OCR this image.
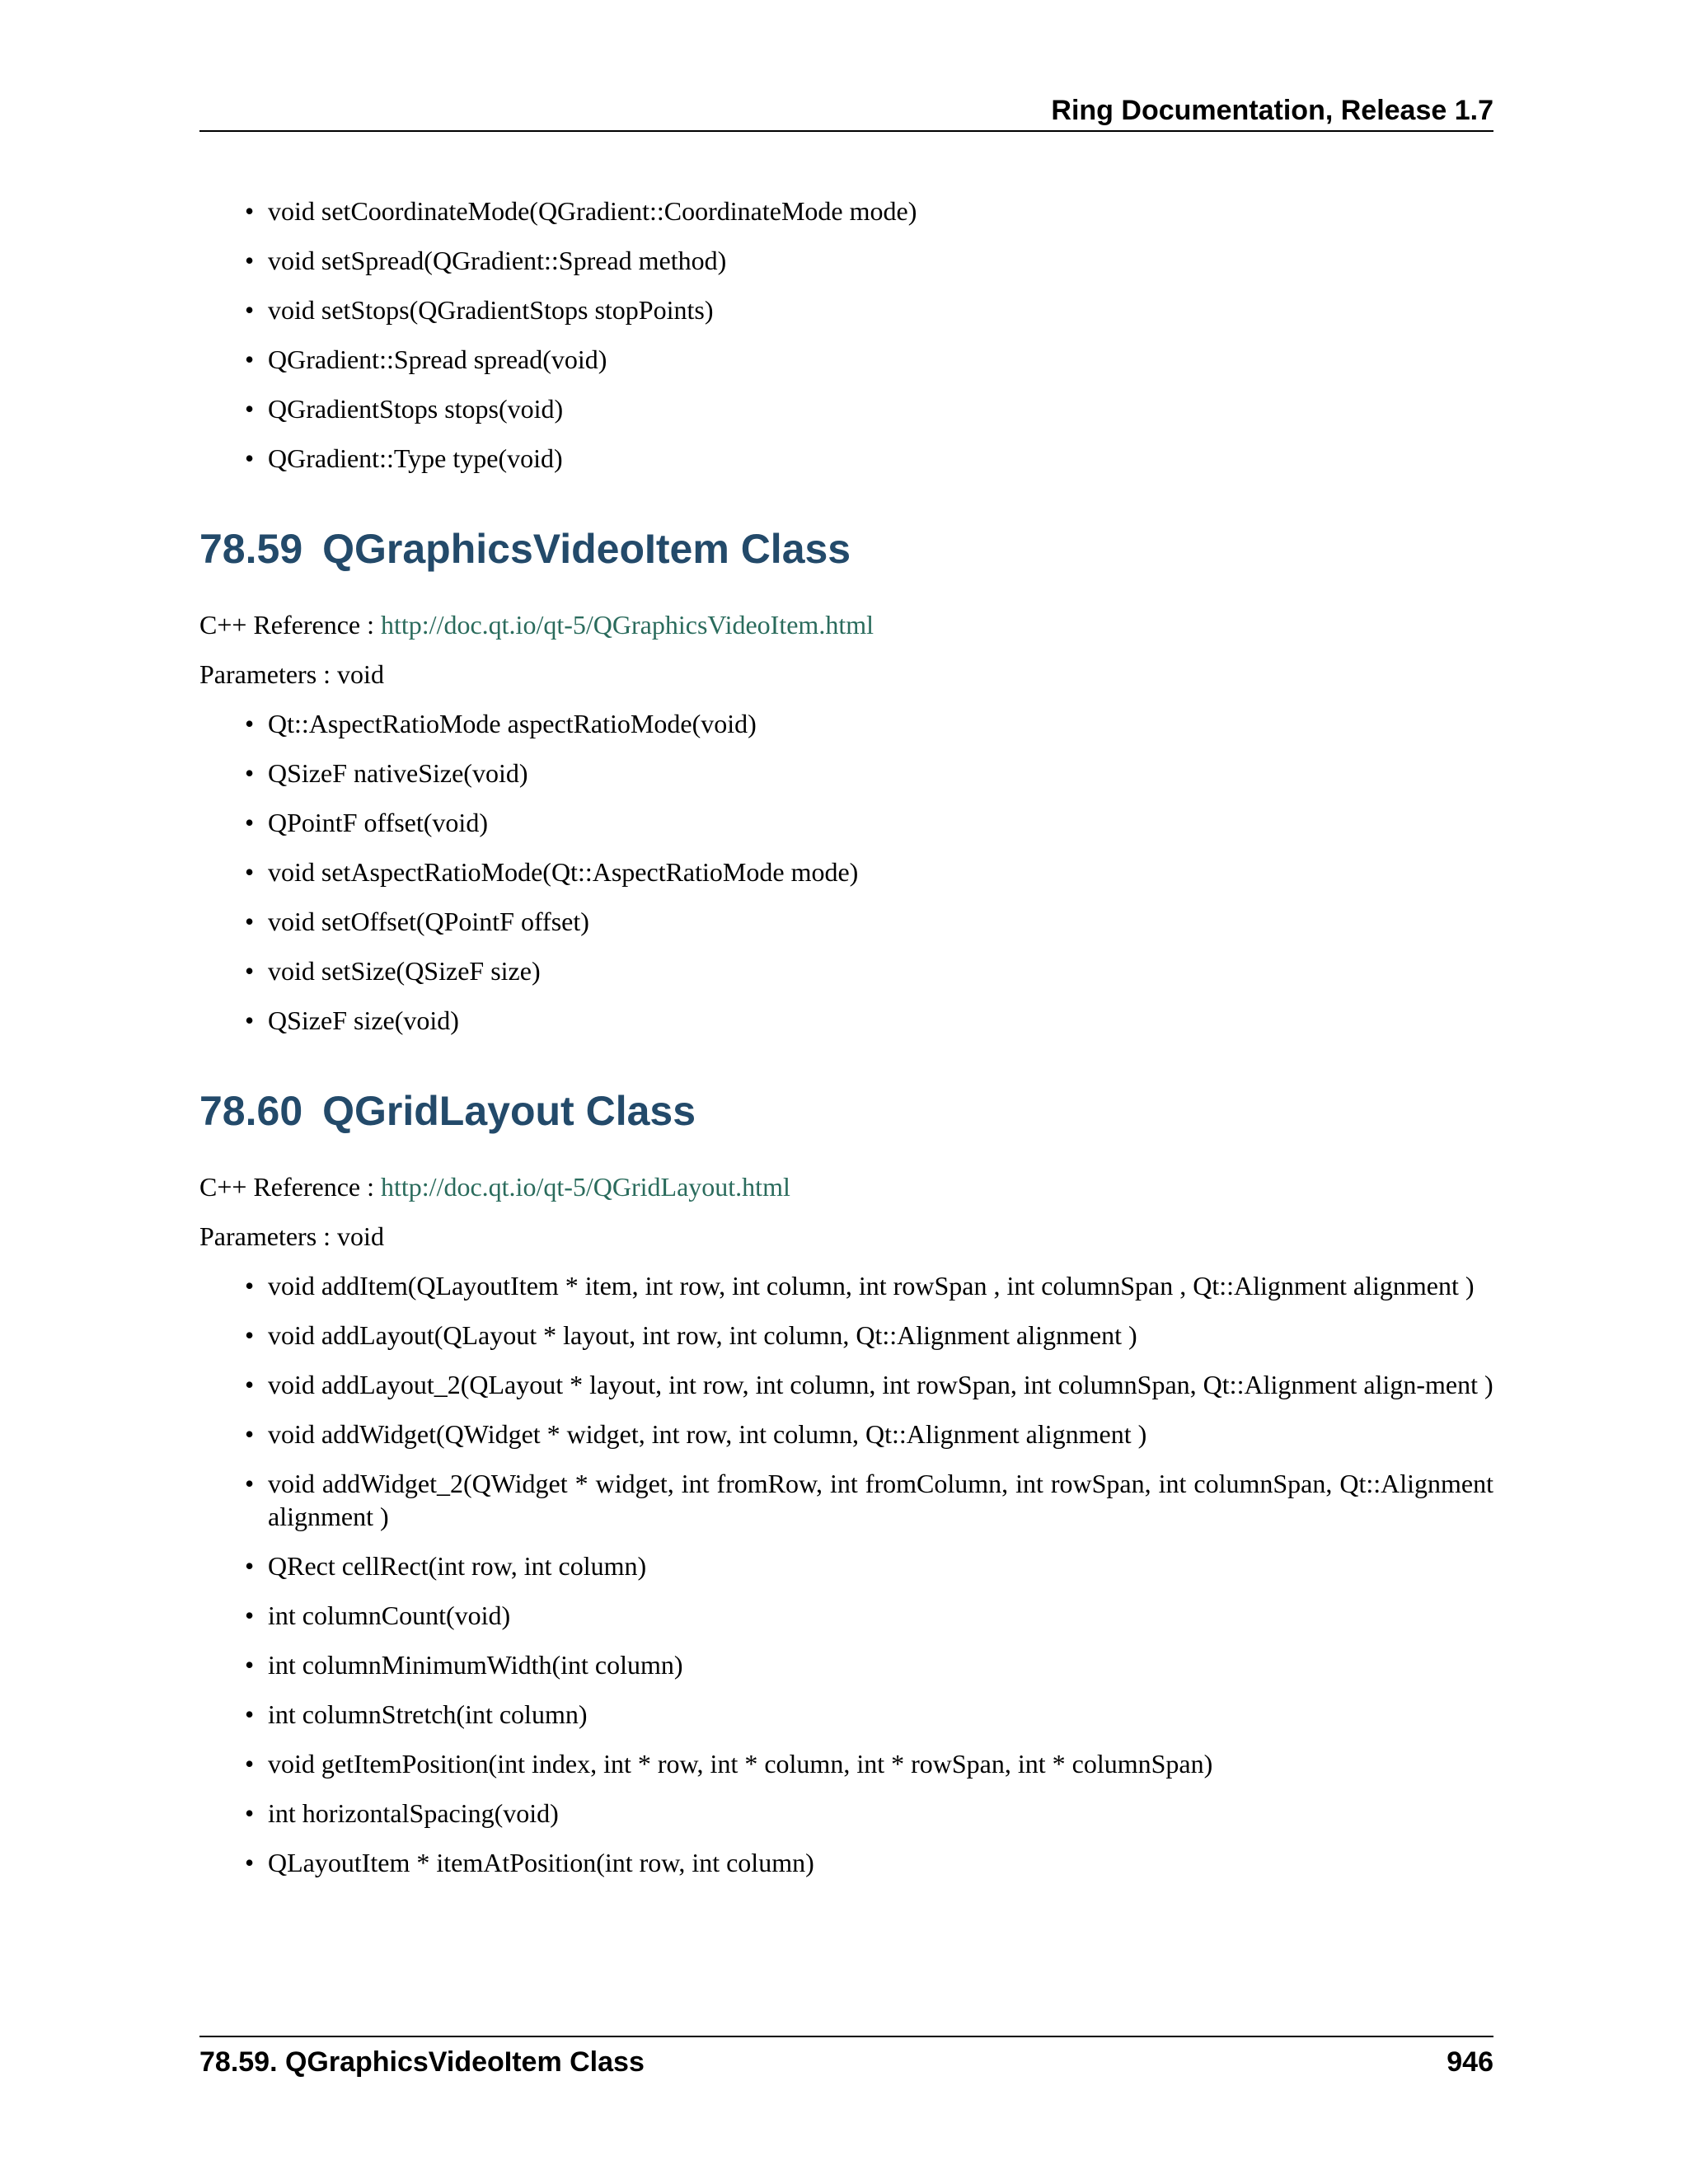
Ring Documentation, Release 1.7
• void setCoordinateMode(QGradient::CoordinateMode mode)
• void setSpread(QGradient::Spread method)
• void setStops(QGradientStops stopPoints)
• QGradient::Spread spread(void)
• QGradientStops stops(void)
• QGradient::Type type(void)
78.59 QGraphicsVideoItem Class

C++ Reference : http://doc.qt.io/qt-5/QGraphicsVideoItem.html

Parameters : void

• Qt::AspectRatioMode aspectRatioMode(void)
• QSizeF nativeSize(void)
• QPointF offset(void)
• void setAspectRatioMode(Qt::AspectRatioMode mode)
• void setOffset(QPointF offset)
• void setSize(QSizeF size)
• QSizeF size(void)
78.60 QGridLayout Class

C++ Reference : http://doc.qt.io/qt-5/QGridLayout.html

Parameters : void

• void addItem(QLayoutItem * item, int row, int column, int rowSpan , int columnSpan , Qt::Alignment alignment )
• void addLayout(QLayout * layout, int row, int column, Qt::Alignment alignment )
• void addLayout_2(QLayout * layout, int row, int column, int rowSpan, int columnSpan, Qt::Alignment align-ment )
• void addWidget(QWidget * widget, int row, int column, Qt::Alignment alignment )
• void addWidget_2(QWidget * widget, int fromRow, int fromColumn, int rowSpan, int columnSpan, Qt::Alignment alignment )
• QRect cellRect(int row, int column)
• int columnCount(void)
• int columnMinimumWidth(int column)
• int columnStretch(int column)
• void getItemPosition(int index, int * row, int * column, int * rowSpan, int * columnSpan)
• int horizontalSpacing(void)
• QLayoutItem * itemAtPosition(int row, int column)
78.59. QGraphicsVideoItem Class	946
